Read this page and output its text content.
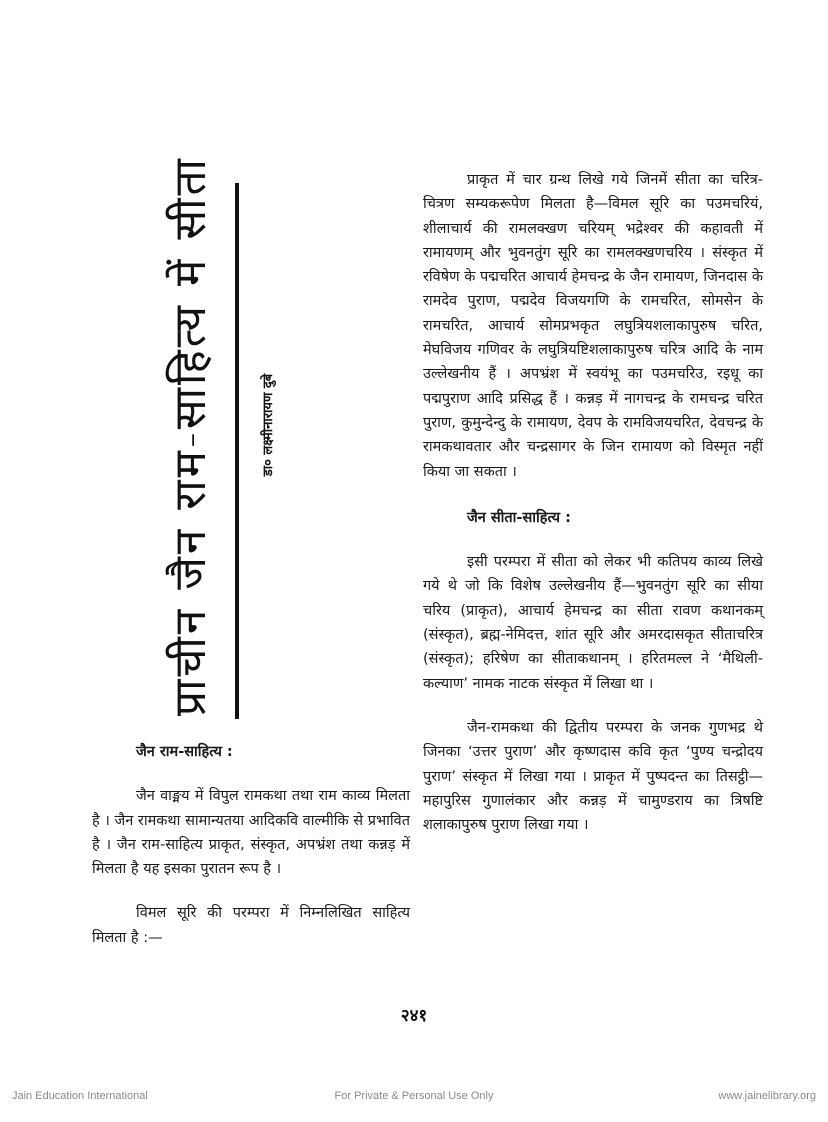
प्राचीन जैन राम-साहित्य में सीता	डा० लक्ष्मीनारायण दुबे

प्राकृत में चार ग्रन्थ लिखे गये जिनमें सीता का चरित्र-चित्रण सम्यकरूपेण मिलता है—विमल सूरि का पउमचरियं, शीलाचार्य की रामलक्खण चरियम् भद्रेश्वर की कहावती में रामायणम् और भुवनतुंग सूरि का रामलक्खणचरिय । संस्कृत में रविषेण के पद्मचरित आचार्य हेमचन्द्र के जैन रामायण, जिनदास के रामदेव पुराण, पद्मदेव विजयगणि के रामचरित, सोमसेन के रामचरित, आचार्य सोमप्रभकृत लघुत्रियशलाकापुरुष चरित, मेघविजय गणिवर के लघुत्रियष्टिशलाकापुरुष चरित्र आदि के नाम उल्लेखनीय हैं । अपभ्रंश में स्वयंभू का पउमचरिउ, रइधू का पद्मपुराण आदि प्रसिद्ध हैं । कन्नड़ में नागचन्द्र के रामचन्द्र चरित पुराण, कुमुन्देन्दु के रामायण, देवप के रामविजयचरित, देवचन्द्र के रामकथावतार और चन्द्रसागर के जिन रामायण को विस्मृत नहीं किया जा सकता ।

जैन सीता-साहित्य :

इसी परम्परा में सीता को लेकर भी कतिपय काव्य लिखे गये थे जो कि विशेष उल्लेखनीय हैं—भुवनतुंग सूरि का सीया चरिय (प्राकृत), आचार्य हेमचन्द्र का सीता रावण कथानकम् (संस्कृत), ब्रह्म-नेमिदत्त, शांत सूरि और अमरदासकृत सीताचरित्र (संस्कृत); हरिषेण का सीताकथानम् । हरितमल्ल ने ‘मैथिली-कल्याण’ नामक नाटक संस्कृत में लिखा था ।

जैन-रामकथा की द्वितीय परम्परा के जनक गुणभद्र थे जिनका ‘उत्तर पुराण’ और कृष्णदास कवि कृत ‘पुण्य चन्द्रोदय पुराण’ संस्कृत में लिखा गया । प्राकृत में पुष्पदन्त का तिसट्ठी—महापुरिस गुणालंकार और कन्नड़ में चामुण्डराय का त्रिषष्टि शलाकापुरुष पुराण लिखा गया ।

जैन राम-साहित्य :

जैन वाङ्मय में विपुल रामकथा तथा राम काव्य मिलता है । जैन रामकथा सामान्यतया आदिकवि वाल्मीकि से प्रभावित है । जैन राम-साहित्य प्राकृत, संस्कृत, अपभ्रंश तथा कन्नड़ में मिलता है यह इसका पुरातन रूप है ।

विमल सूरि की परम्परा में निम्नलिखित साहित्य मिलता है :—

२४१
Jain Education International	For Private & Personal Use Only	www.jainelibrary.org
